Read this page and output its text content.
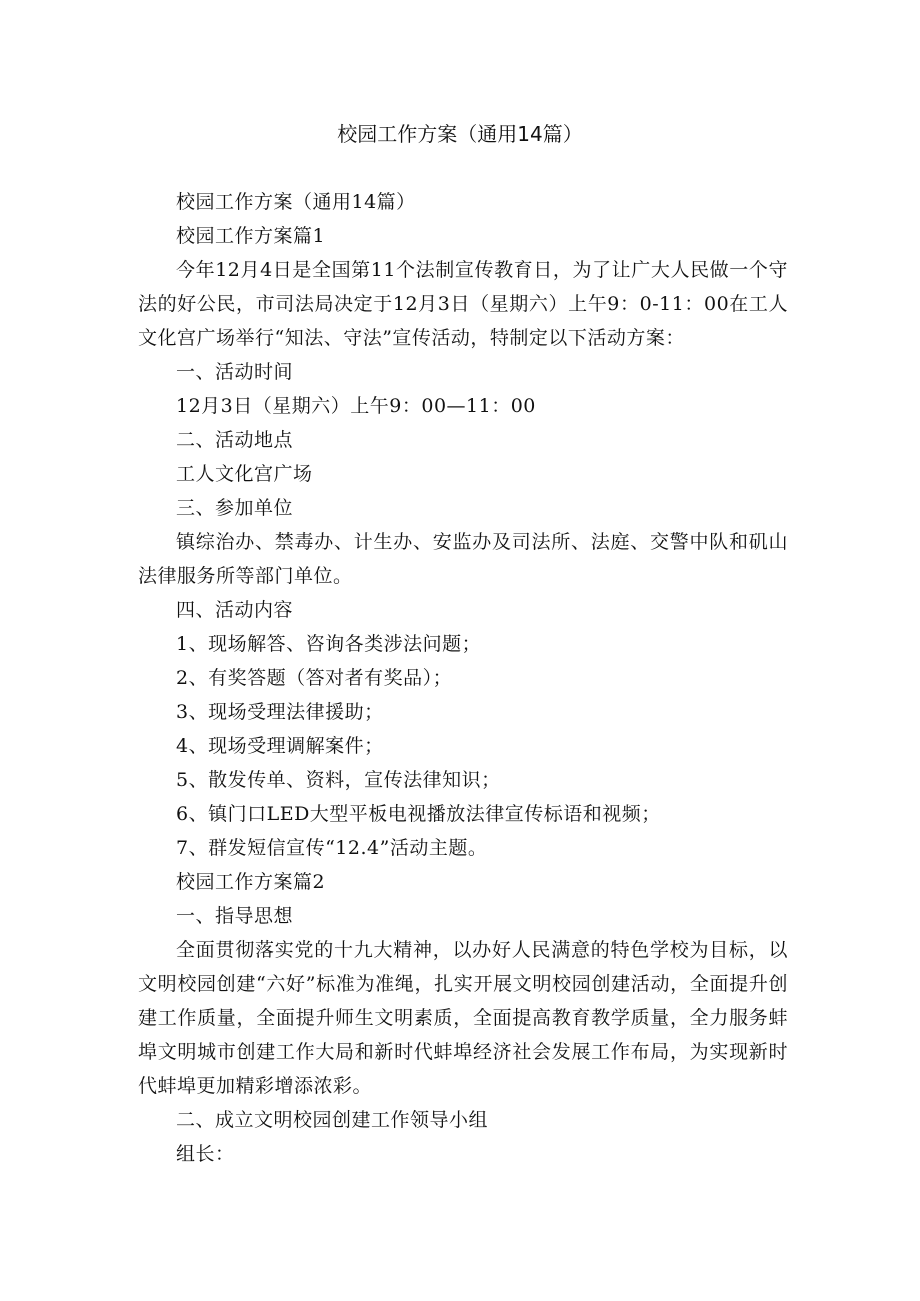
校园工作方案（通用14篇）

校园工作方案（通用14篇）

校园工作方案篇1

今年12月4日是全国第11个法制宣传教育日，为了让广大人民做一个守法的好公民，市司法局决定于12月3日（星期六）上午9：0-11：00在工人文化宫广场举行“知法、守法”宣传活动，特制定以下活动方案：

一、活动时间

12月3日（星期六）上午9：00—11：00

二、活动地点

工人文化宫广场

三、参加单位

镇综治办、禁毒办、计生办、安监办及司法所、法庭、交警中队和矶山法律服务所等部门单位。

四、活动内容

1、现场解答、咨询各类涉法问题；

2、有奖答题（答对者有奖品）；

3、现场受理法律援助；

4、现场受理调解案件；

5、散发传单、资料，宣传法律知识；

6、镇门口LED大型平板电视播放法律宣传标语和视频；

7、群发短信宣传“12.4”活动主题。

校园工作方案篇2

一、指导思想

全面贯彻落实党的十九大精神，以办好人民满意的特色学校为目标，以文明校园创建“六好”标准为准绳，扎实开展文明校园创建活动，全面提升创建工作质量，全面提升师生文明素质，全面提高教育教学质量，全力服务蚌埠文明城市创建工作大局和新时代蚌埠经济社会发展工作布局，为实现新时代蚌埠更加精彩增添浓彩。

二、成立文明校园创建工作领导小组

组长：
